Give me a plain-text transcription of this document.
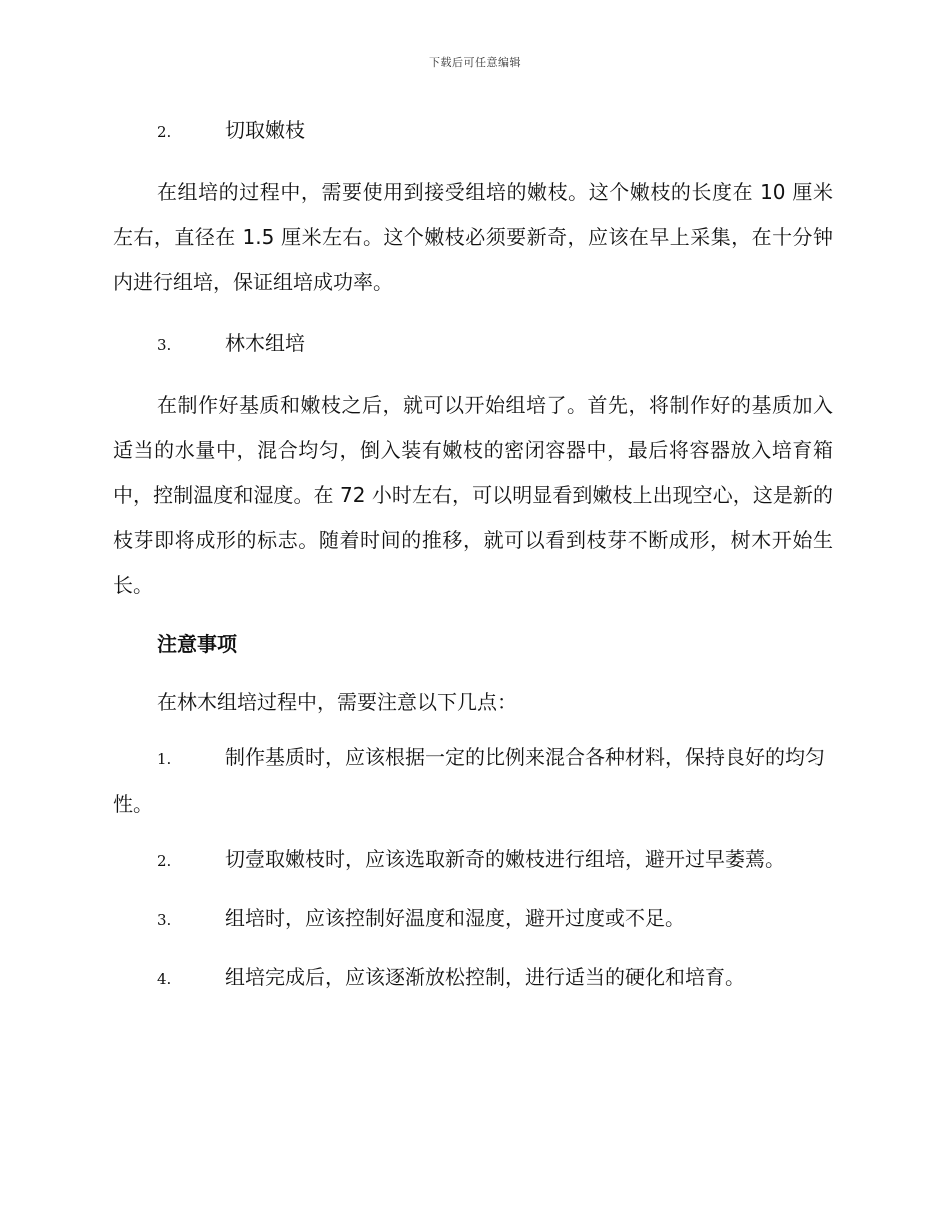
下载后可任意编辑
2.	切取嫩枝

在组培的过程中，需要使用到接受组培的嫩枝。这个嫩枝的长度在 10 厘米左右，直径在 1.5 厘米左右。这个嫩枝必须要新奇，应该在早上采集，在十分钟内进行组培，保证组培成功率。

3.	林木组培

在制作好基质和嫩枝之后，就可以开始组培了。首先，将制作好的基质加入适当的水量中，混合均匀，倒入装有嫩枝的密闭容器中，最后将容器放入培育箱中，控制温度和湿度。在 72 小时左右，可以明显看到嫩枝上出现空心，这是新的枝芽即将成形的标志。随着时间的推移，就可以看到枝芽不断成形，树木开始生长。

注意事项

在林木组培过程中，需要注意以下几点：

1.	制作基质时，应该根据一定的比例来混合各种材料，保持良好的均匀性。

2.	切壹取嫩枝时，应该选取新奇的嫩枝进行组培，避开过早萎蔫。

3.	组培时，应该控制好温度和湿度，避开过度或不足。

4.	组培完成后，应该逐渐放松控制，进行适当的硬化和培育。
